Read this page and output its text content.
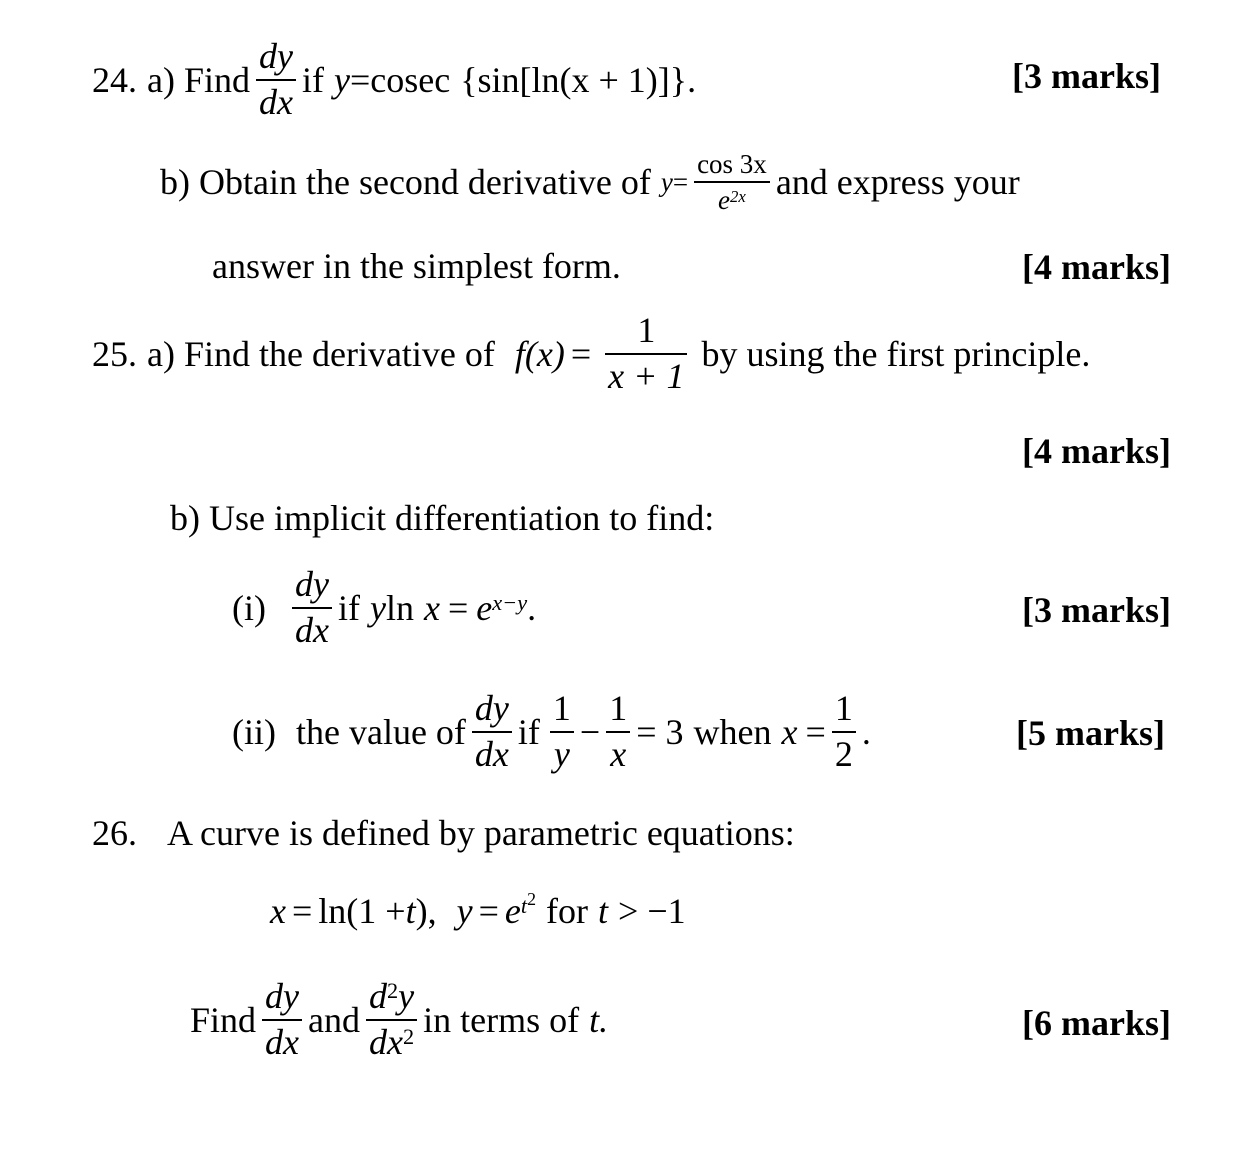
24. a) Find $\frac{dy}{dx}$ if y = cosec {sin[ln(x + 1)]}.	[3 marks]
b) Obtain the second derivative of $y = \frac{\cos 3x}{e^{2x}}$ and express your
answer in the simplest form.	[4 marks]
25. a) Find the derivative of $f(x) = \frac{1}{x + 1}$ by using the first principle.
[4 marks]
b) Use implicit differentiation to find:
$(i) \frac{dy}{dx}$ if y $\ln x = e^{x-y}$ .	[3 marks]
(ii) the value of $\frac{dy}{dx}$ if $\frac{1}{y} - \frac{1}{x} = 3$ when $x = \frac{1}{2}$ .	[5 marks]
26. A curve is defined by parametric equations:
x = ln(1 + t ), $y = e^{t^2}$ for t > −1
Find $\frac{dy}{dx}$ and $\frac{d^2y}{dx^2}$ in terms of t.	[6 marks]
